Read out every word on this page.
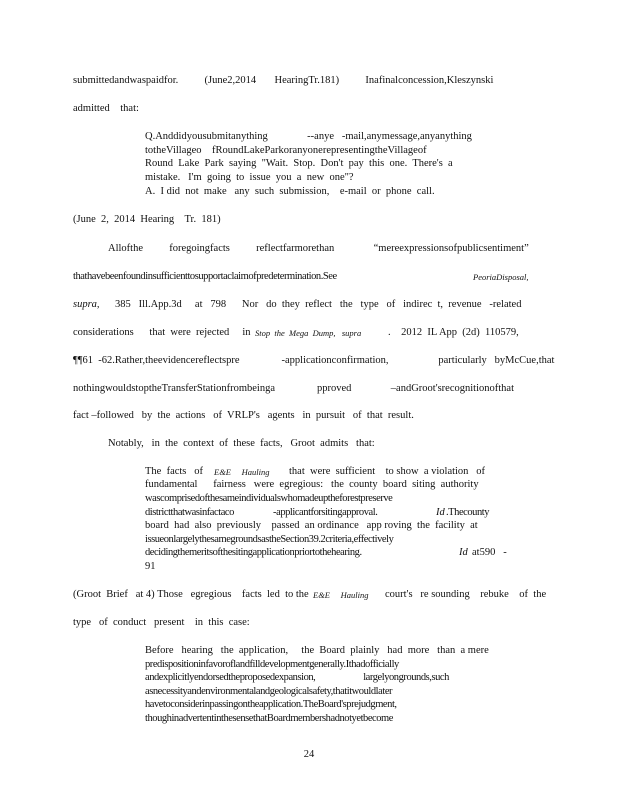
submittedandwaspaidfor.          (June2,2014       HearingTr.181)          Inafinalconcession,Kleszynski
admitted    that:
Q.Anddidyousubmitanything               --anye   -mail,anymessage,anyanything
totheVillageo    fRoundLakeParkoranyonerepresentingtheVillageof
Round  Lake  Park  saying  "Wait.  Stop.  Don't  pay  this  one.  There's  a
mistake.   I'm  going  to  issue  you  a  new  one"?
A.  I did  not  make   any  such  submission,    e-mail  or  phone  call.
(June  2,  2014  Hearing    Tr.  181)
Allofthe          foregoingfacts          reflectfarmorethan               “mereexpressionsofpublicsentiment”
thathavebeenfoundinsufficienttosupportaclaimofpredetermination.See	PeoriaDisposal,
supra, 385   Ill.App.3d     at   798      Nor   do  they  reflect   the   type   of   indirec  t,  revenue   -related
considerations      that  were  rejected     in Stop  the  Mega  Dump,   supra	.    2012  IL App  (2d)  110579,
¶¶61  -62.Rather,theevidencereflectspre                -applicationconfirmation,                   particularly   byMcCue,that
nothingwouldstoptheTransferStationfrombeinga                pproved               –andGroot'srecognitionofthat
fact –followed   by  the  actions   of  VRLP's   agents   in  pursuit   of  that  result.
Notably,   in  the  context  of  these  facts,   Groot  admits   that:
The  facts   of E&E     Hauling that  were  sufficient    to show  a violation   of
fundamental      fairness   were  egregious:   the  county  board  siting  authority
wascomprisedofthesameindividualswhomadeuptheforestpreserve
districtthatwasinfactaco                  -applicantforsitingapproval.	Id .Thecounty
board  had  also  previously    passed  an ordinance   app roving  the  facility  at
issueonlargelythesamegroundsastheSection39.2criteria,effectively
decidingthemeritsofthesitingapplicationpriortothehearing.	Id at590   -
91
(Groot  Brief   at 4) Those   egregious    facts  led  to the E&E     Hauling court's   re sounding    rebuke    of  the
type   of  conduct   present    in  this  case:
Before   hearing   the  application,     the  Board  plainly   had  more   than  a mere
predispositioninfavoroflandfilldevelopmentgenerally.Ithadofficially
andexplicitlyendorsedtheproposedexpansion,                      largelyongrounds,such
asnecessityandenvironmentalandgeologicalsafety,thatitwouldlater
havetoconsiderinpassingontheapplication.TheBoard'sprejudgment,
thoughinadvertentinthesensethatBoardmembershadnotyetbecome
24
